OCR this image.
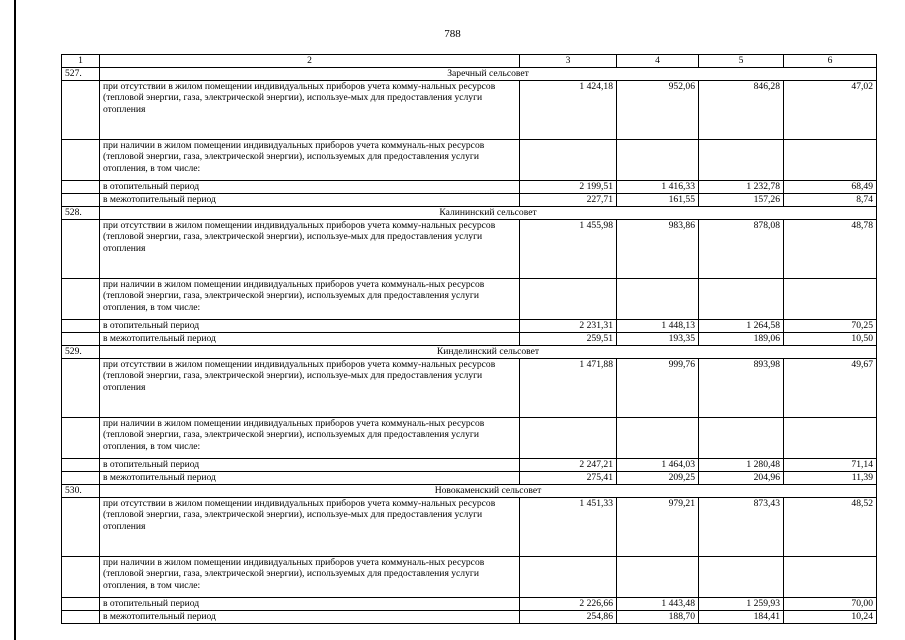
788
1	2	3	4	5	6
527.	Заречный сельсовет				
	при отсутствии в жилом помещении индивидуальных приборов учета комму-нальных ресурсов (тепловой энергии, газа, электрической энергии), используе-мых для предоставления услуги отопления	1 424,18	952,06	846,28	47,02
	при наличии в жилом помещении индивидуальных приборов учета коммуналь-ных ресурсов (тепловой энергии, газа, электрической энергии), используемых для предоставления услуги отопления, в том числе:				
	в отопительный период	2 199,51	1 416,33	1 232,78	68,49
	в межотопительный период	227,71	161,55	157,26	8,74
528.	Калининский сельсовет				
	при отсутствии в жилом помещении индивидуальных приборов учета комму-нальных ресурсов (тепловой энергии, газа, электрической энергии), используе-мых для предоставления услуги отопления	1 455,98	983,86	878,08	48,78
	при наличии в жилом помещении индивидуальных приборов учета коммуналь-ных ресурсов (тепловой энергии, газа, электрической энергии), используемых для предоставления услуги отопления, в том числе:				
	в отопительный период	2 231,31	1 448,13	1 264,58	70,25
	в межотопительный период	259,51	193,35	189,06	10,50
529.	Кинделинский сельсовет				
	при отсутствии в жилом помещении индивидуальных приборов учета комму-нальных ресурсов (тепловой энергии, газа, электрической энергии), используе-мых для предоставления услуги отопления	1 471,88	999,76	893,98	49,67
	при наличии в жилом помещении индивидуальных приборов учета коммуналь-ных ресурсов (тепловой энергии, газа, электрической энергии), используемых для предоставления услуги отопления, в том числе:				
	в отопительный период	2 247,21	1 464,03	1 280,48	71,14
	в межотопительный период	275,41	209,25	204,96	11,39
530.	Новокаменский сельсовет				
	при отсутствии в жилом помещении индивидуальных приборов учета комму-нальных ресурсов (тепловой энергии, газа, электрической энергии), используе-мых для предоставления услуги отопления	1 451,33	979,21	873,43	48,52
	при наличии в жилом помещении индивидуальных приборов учета коммуналь-ных ресурсов (тепловой энергии, газа, электрической энергии), используемых для предоставления услуги отопления, в том числе:				
	в отопительный период	2 226,66	1 443,48	1 259,93	70,00
	в межотопительный период	254,86	188,70	184,41	10,24
